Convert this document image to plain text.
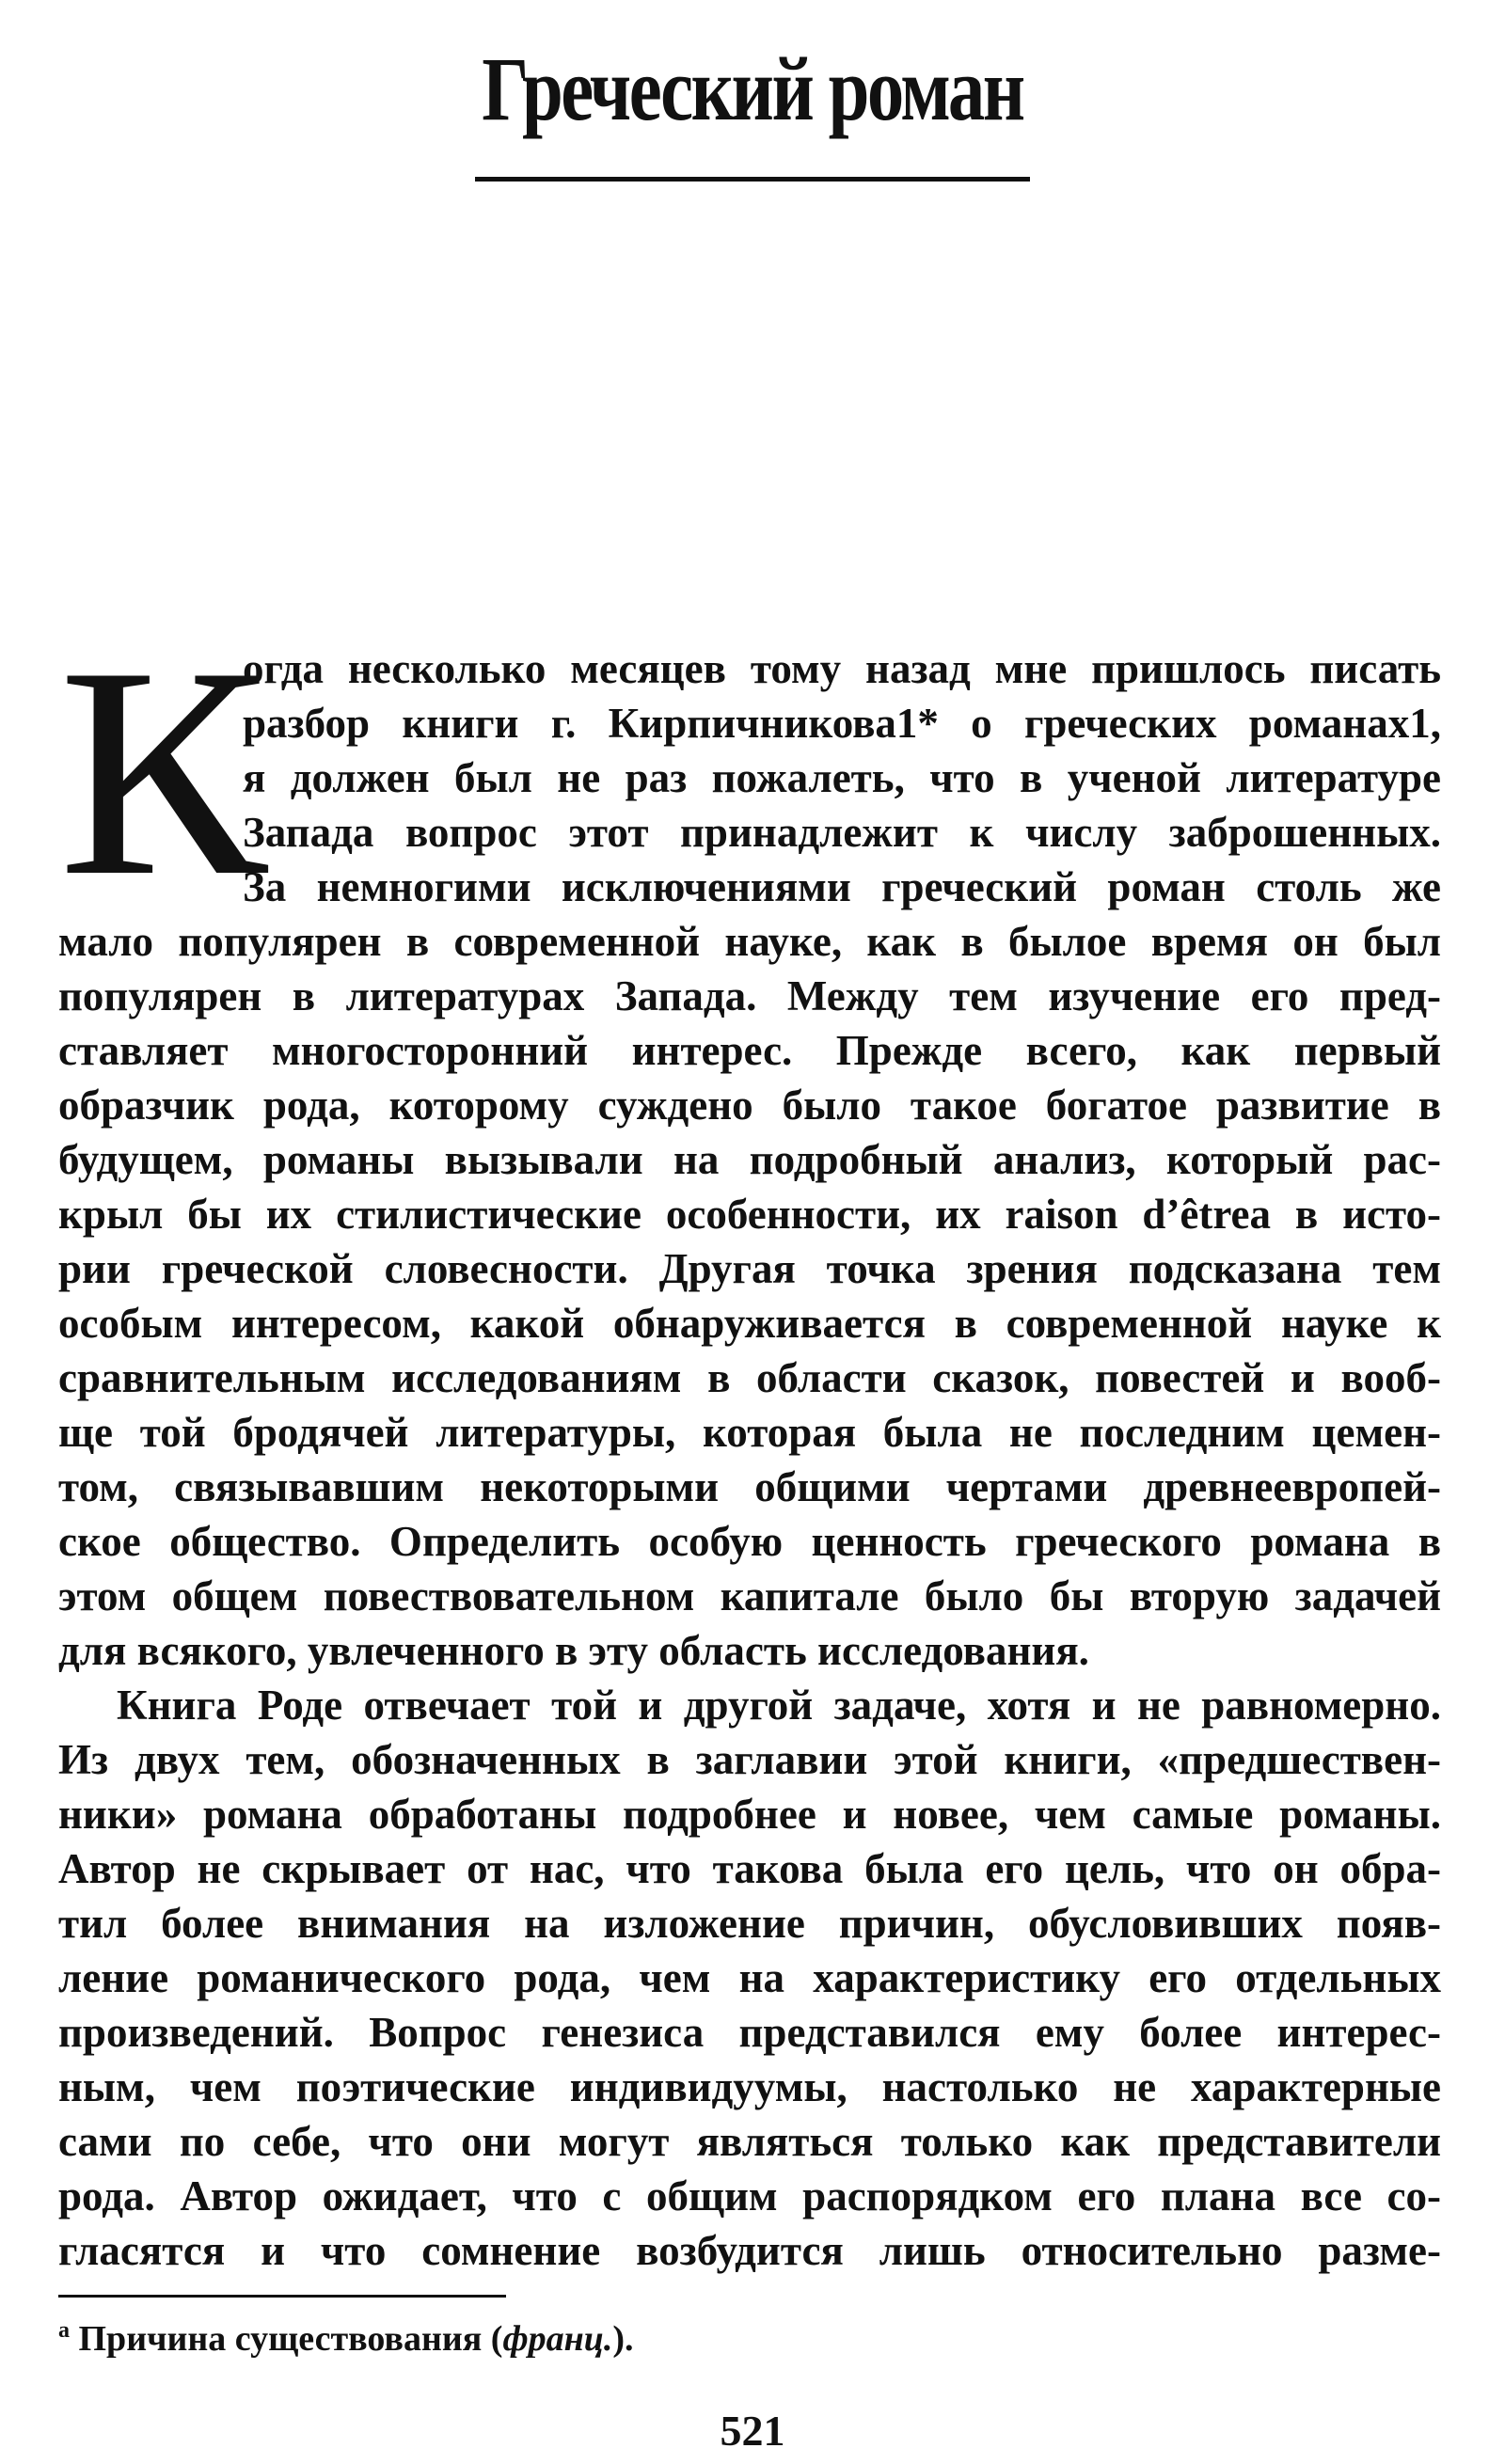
Греческий роман
К
огда несколько месяцев тому назад мне пришлось писать
разбор книги г. Кирпичникова1* о греческих романах1,
я должен был не раз пожалеть, что в ученой литературе
Запада вопрос этот принадлежит к числу заброшенных.
За немногими исключениями греческий роман столь же
мало популярен в современной науке, как в былое время он был
популярен в литературах Запада. Между тем изучение его пред-
ставляет многосторонний интерес. Прежде всего, как первый
образчик рода, которому суждено было такое богатое развитие в
будущем, романы вызывали на подробный анализ, который рас-
крыл бы их стилистические особенности, их raison d’êtreа в исто-
рии греческой словесности. Другая точка зрения подсказана тем
особым интересом, какой обнаруживается в современной науке к
сравнительным исследованиям в области сказок, повестей и вооб-
ще той бродячей литературы, которая была не последним цемен-
том, связывавшим некоторыми общими чертами древнеевропей-
ское общество. Определить особую ценность греческого романа в
этом общем повествовательном капитале было бы вторую задачей
для всякого, увлеченного в эту область исследования.
Книга Роде отвечает той и другой задаче, хотя и не равномерно.
Из двух тем, обозначенных в заглавии этой книги, «предшествен-
ники» романа обработаны подробнее и новее, чем самые романы.
Автор не скрывает от нас, что такова была его цель, что он обра-
тил более внимания на изложение причин, обусловивших появ-
ление романического рода, чем на характеристику его отдельных
произведений. Вопрос генезиса представился ему более интерес-
ным, чем поэтические индивидуумы, настолько не характерные
сами по себе, что они могут являться только как представители
рода. Автор ожидает, что с общим распорядком его плана все со-
гласятся и что сомнение возбудится лишь относительно разме-
$^а$ Причина существования (франц.).
521
